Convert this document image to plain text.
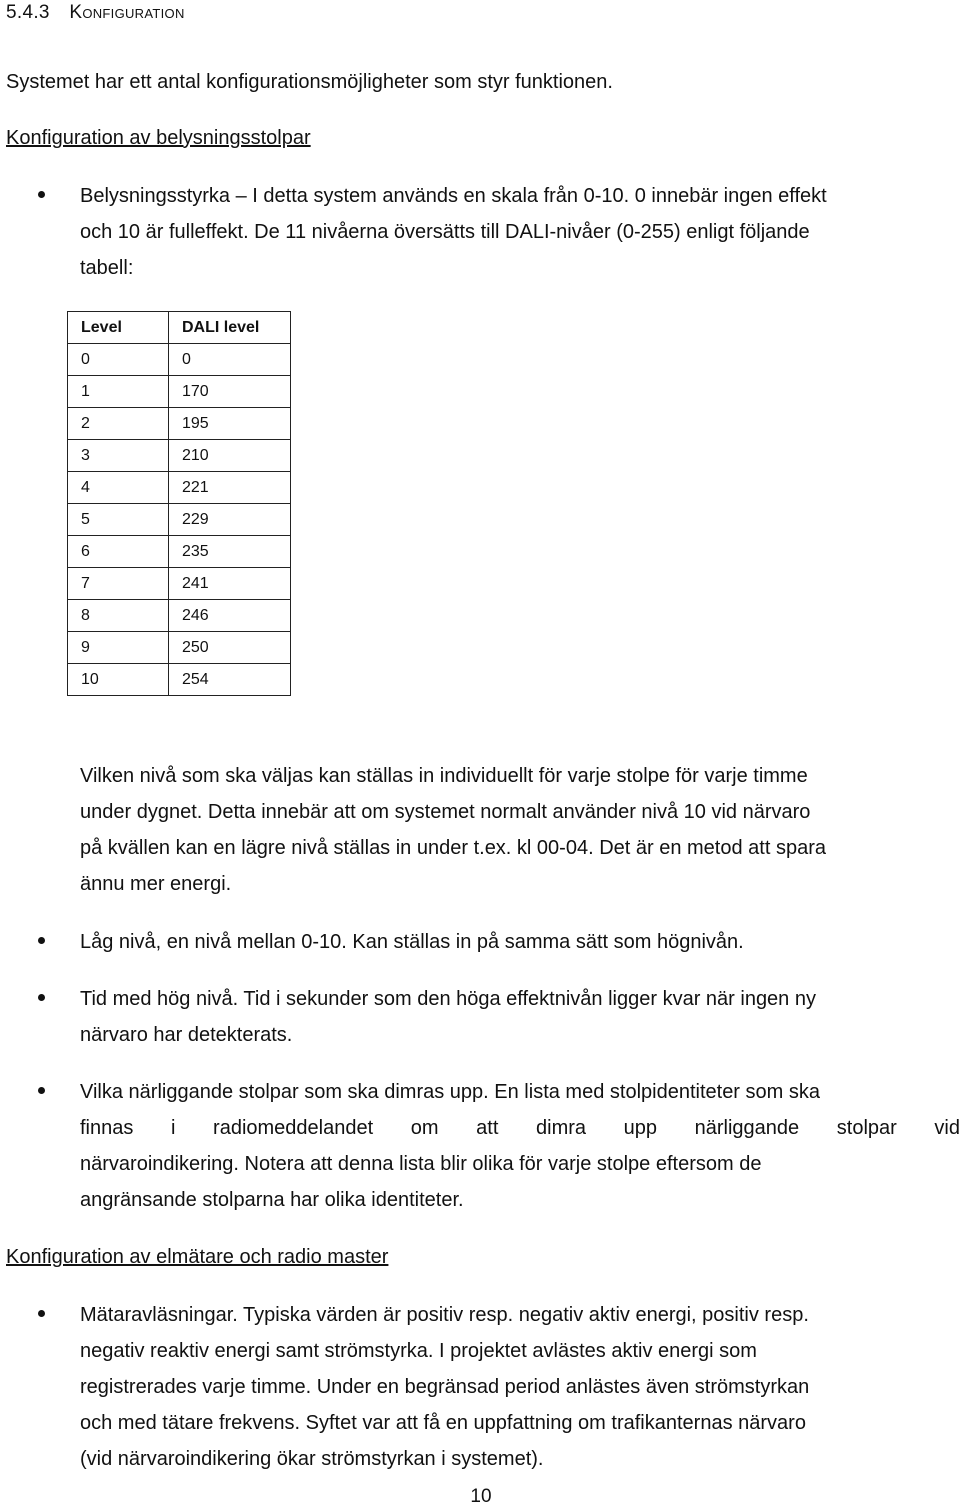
5.4.3 Konfiguration
Systemet har ett antal konfigurationsmöjligheter som styr funktionen.
Konfiguration av belysningsstolpar
Belysningsstyrka – I detta system används en skala från 0-10. 0 innebär ingen effekt
och 10 är fulleffekt. De 11 nivåerna översätts till DALI-nivåer (0-255) enligt följande
tabell:
Level	DALI level
0	0
1	170
2	195
3	210
4	221
5	229
6	235
7	241
8	246
9	250
10	254
Vilken nivå som ska väljas kan ställas in individuellt för varje stolpe för varje timme
under dygnet. Detta innebär att om systemet normalt använder nivå 10 vid närvaro
på kvällen kan en lägre nivå ställas in under t.ex. kl 00-04. Det är en metod att spara
ännu mer energi.
Låg nivå, en nivå mellan 0-10. Kan ställas in på samma sätt som högnivån.
Tid med hög nivå. Tid i sekunder som den höga effektnivån ligger kvar när ingen ny
närvaro har detekterats.
Vilka närliggande stolpar som ska dimras upp. En lista med stolpidentiteter som ska
finnas i radiomeddelandet om att dimra upp närliggande stolpar vid
närvaroindikering. Notera att denna lista blir olika för varje stolpe eftersom de
angränsande stolparna har olika identiteter.
Konfiguration av elmätare och radio master
Mätaravläsningar. Typiska värden är positiv resp. negativ aktiv energi, positiv resp.
negativ reaktiv energi samt strömstyrka. I projektet avlästes aktiv energi som
registrerades varje timme. Under en begränsad period anlästes även strömstyrkan
och med tätare frekvens. Syftet var att få en uppfattning om trafikanternas närvaro
(vid närvaroindikering ökar strömstyrkan i systemet).
10
